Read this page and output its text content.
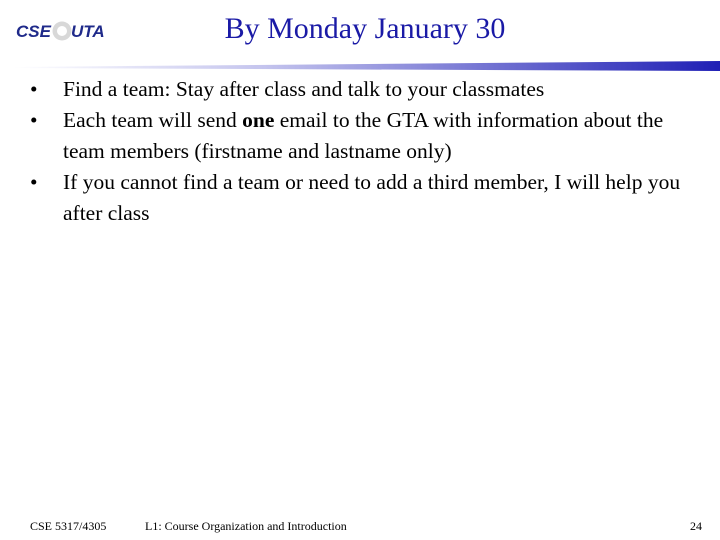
CSE UTA	By Monday January 30
• Find a team: Stay after class and talk to your classmates
• Each team will send one email to the GTA with information about the team members (firstname and lastname only)
• If you cannot find a team or need to add a third member, I will help you after class
CSE 5317/4305	L1: Course Organization and Introduction	24
